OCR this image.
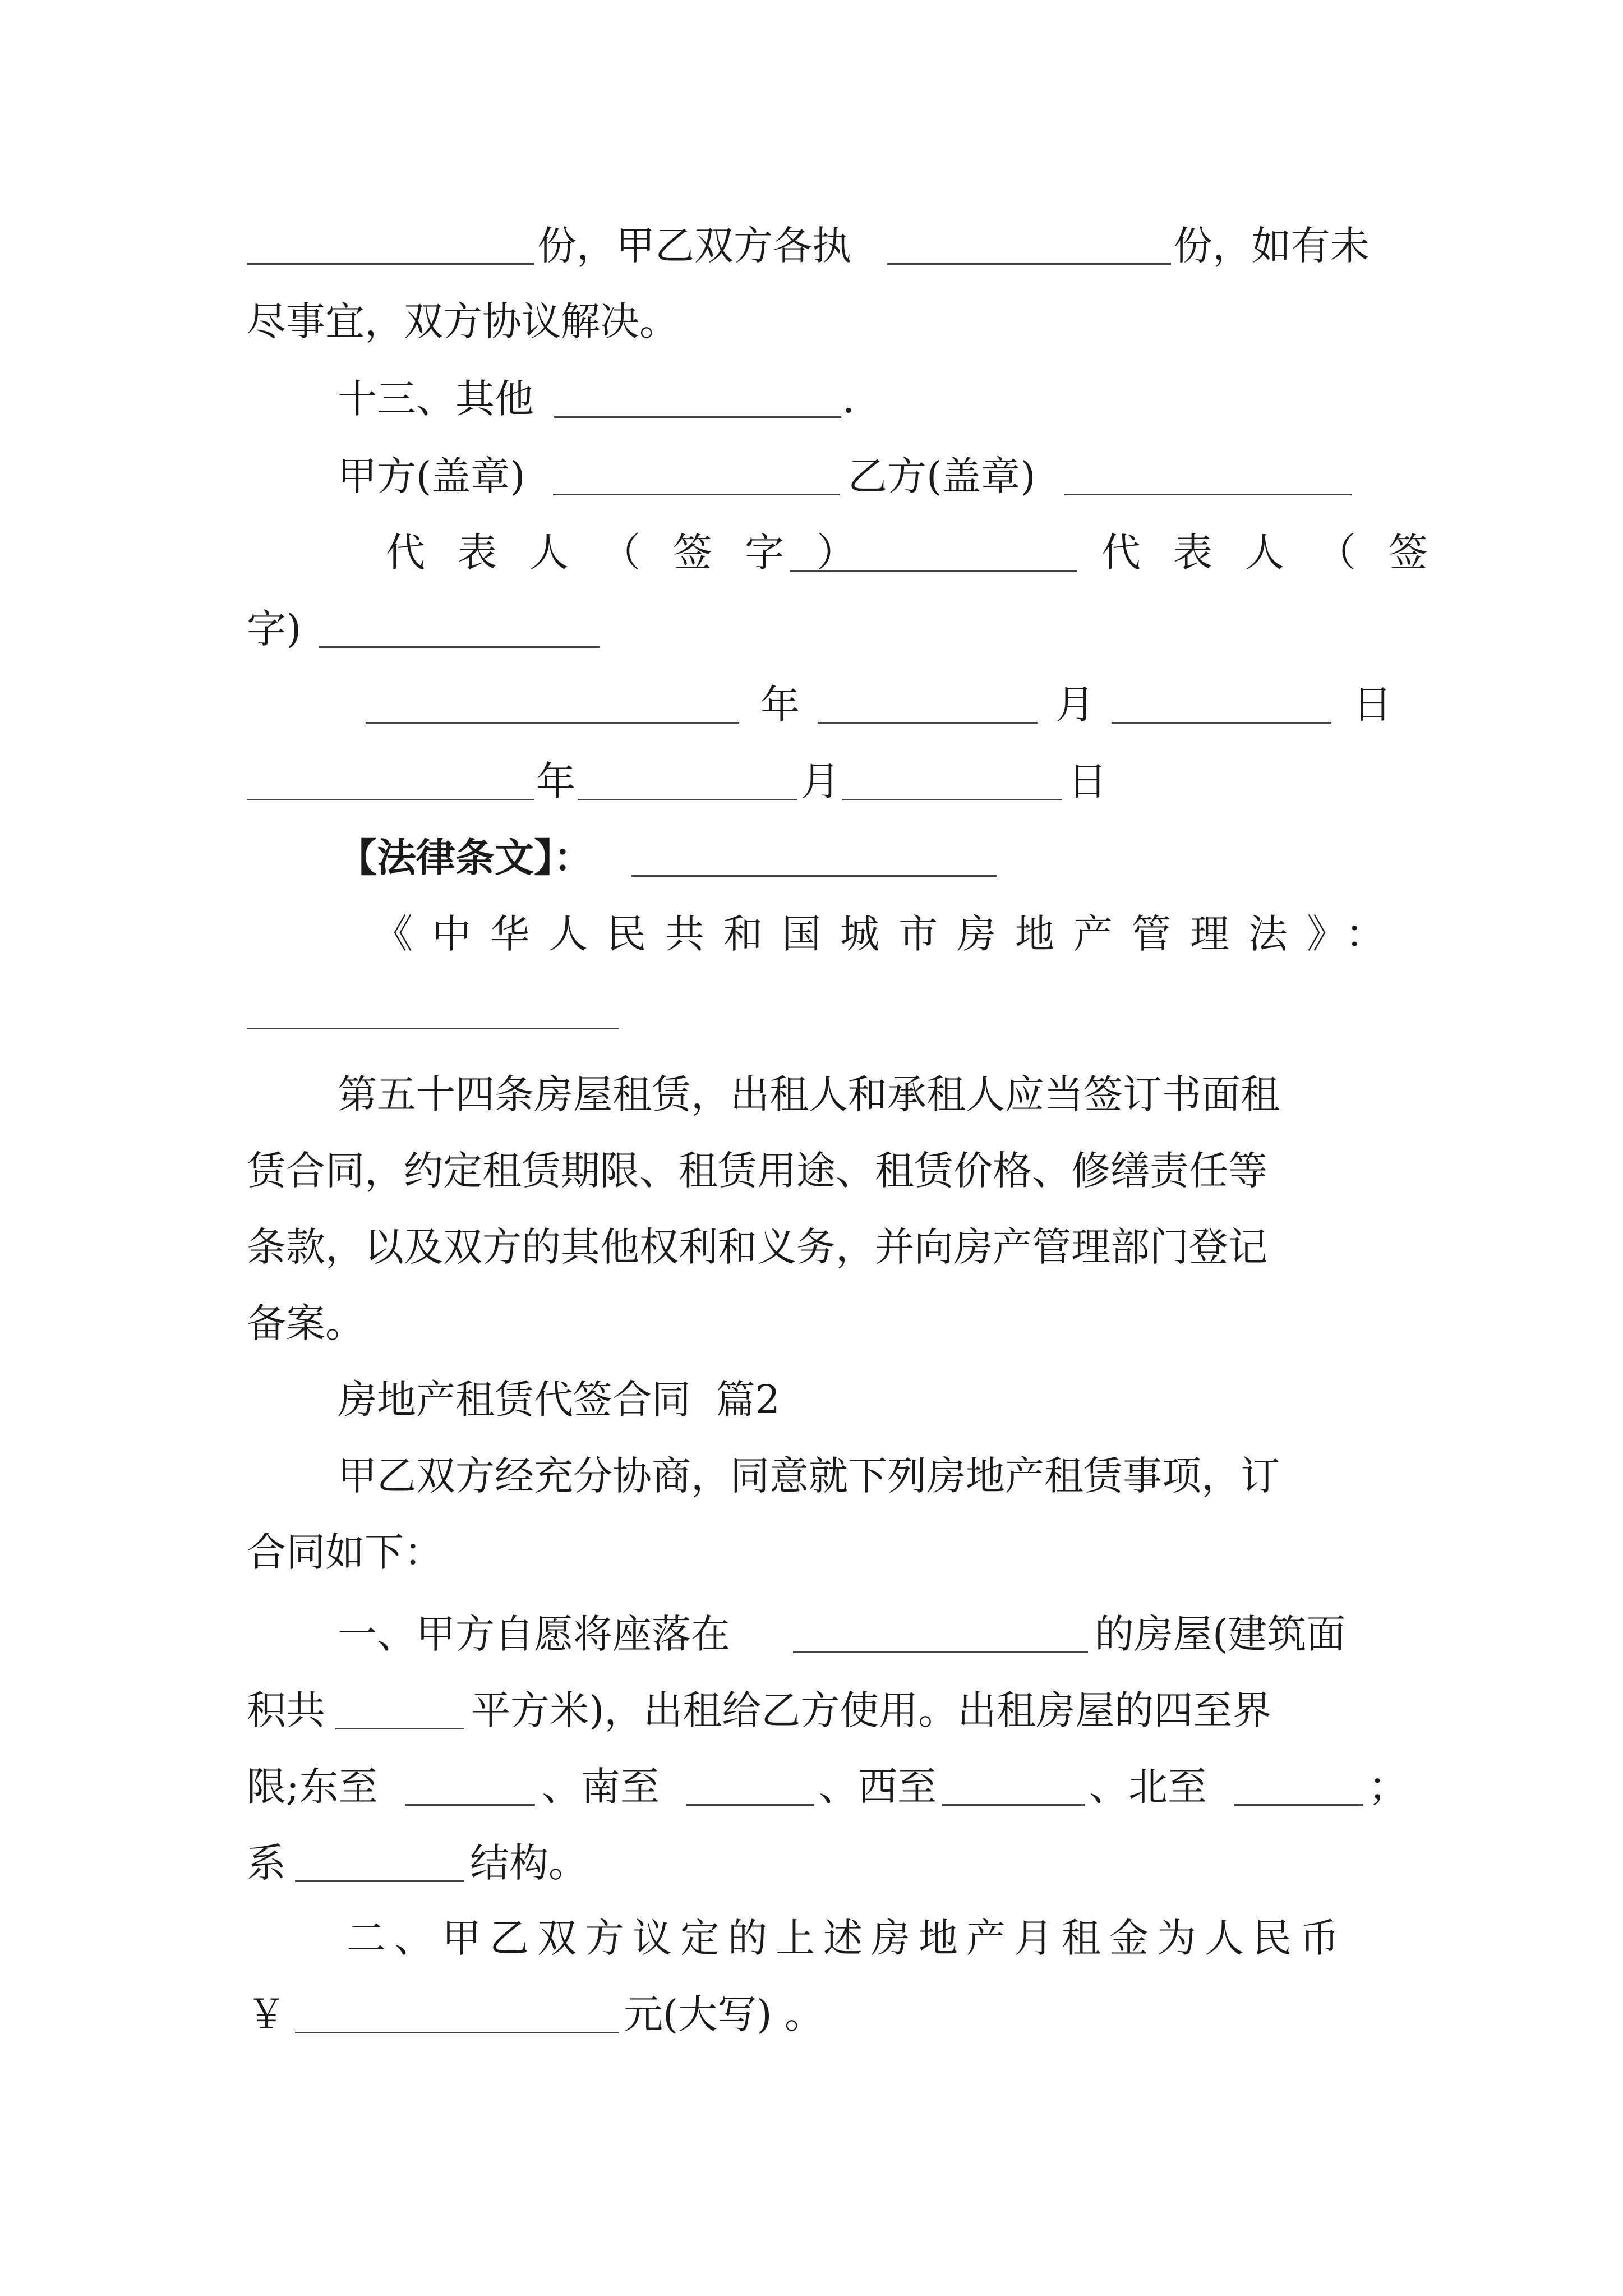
份，甲乙双方各执	份，如有未
尽事宜，双方协议解决。
十三、其他	.
甲方(盖章)	乙方(盖章)
代表人（签字）	代表人（签
字)
年	月	日
年	月	日
【法律条文】：
《中华人民共和国城市房地产管理法》：
第五十四条房屋租赁，出租人和承租人应当签订书面租
赁合同，约定租赁期限、租赁用途、租赁价格、修缮责任等
条款，以及双方的其他权利和义务，并向房产管理部门登记
备案。
房地产租赁代签合同  篇2
甲乙双方经充分协商，同意就下列房地产租赁事项，订
合同如下：
一、甲方自愿将座落在	的房屋(建筑面
积共	平方米)，出租给乙方使用。出租房屋的四至界
限;东至	、南至	、西至	、北至	；
系	结构。
二、甲乙双方议定的上述房地产月租金为人民币
￥	元(大写) 。
